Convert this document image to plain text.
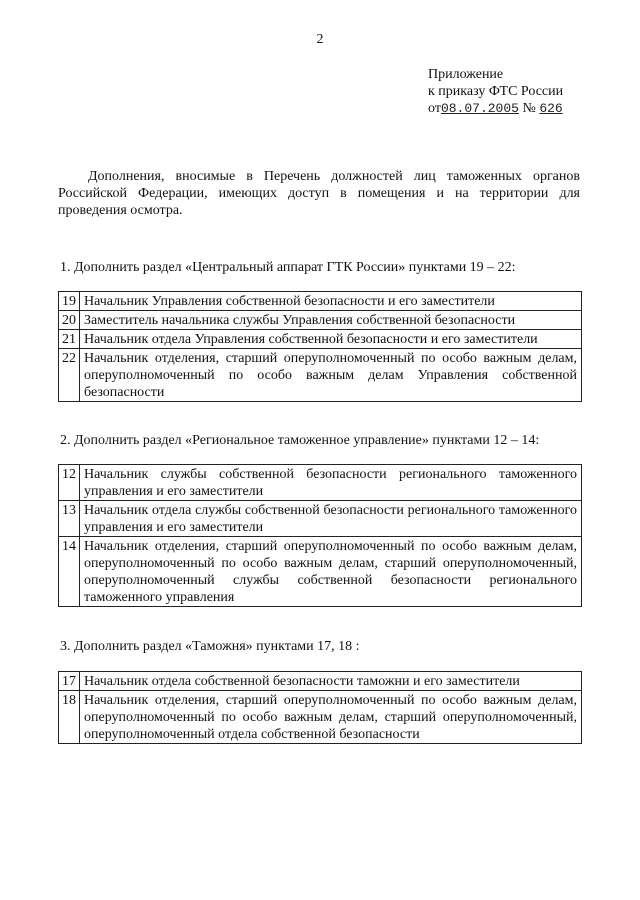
2
Приложение
к приказу ФТС России
от08.07.2005 № 626
Дополнения, вносимые в Перечень должностей лиц таможенных органов Российской Федерации, имеющих доступ в помещения и на территории для проведения осмотра.
1. Дополнить раздел «Центральный аппарат ГТК России» пунктами 19 – 22:
19	Начальник Управления собственной безопасности и его заместители
20	Заместитель начальника службы Управления собственной безопасности
21	Начальник отдела Управления собственной безопасности и его заместители
22	Начальник отделения, старший оперуполномоченный по особо важным делам, оперуполномоченный по особо важным делам Управления собственной безопасности
2. Дополнить раздел «Региональное таможенное управление» пунктами 12 – 14:
12	Начальник службы собственной безопасности регионального таможенного управления и его заместители
13	Начальник отдела службы собственной безопасности регионального таможенного управления и его заместители
14	Начальник отделения, старший оперуполномоченный по особо важным делам, оперуполномоченный по особо важным делам, старший оперуполномоченный, оперуполномоченный службы собственной безопасности регионального таможенного управления
3. Дополнить раздел «Таможня» пунктами 17, 18 :
17	Начальник отдела собственной безопасности таможни и его заместители
18	Начальник отделения, старший оперуполномоченный по особо важным делам, оперуполномоченный по особо важным делам, старший оперуполномоченный, оперуполномоченный отдела собственной безопасности
